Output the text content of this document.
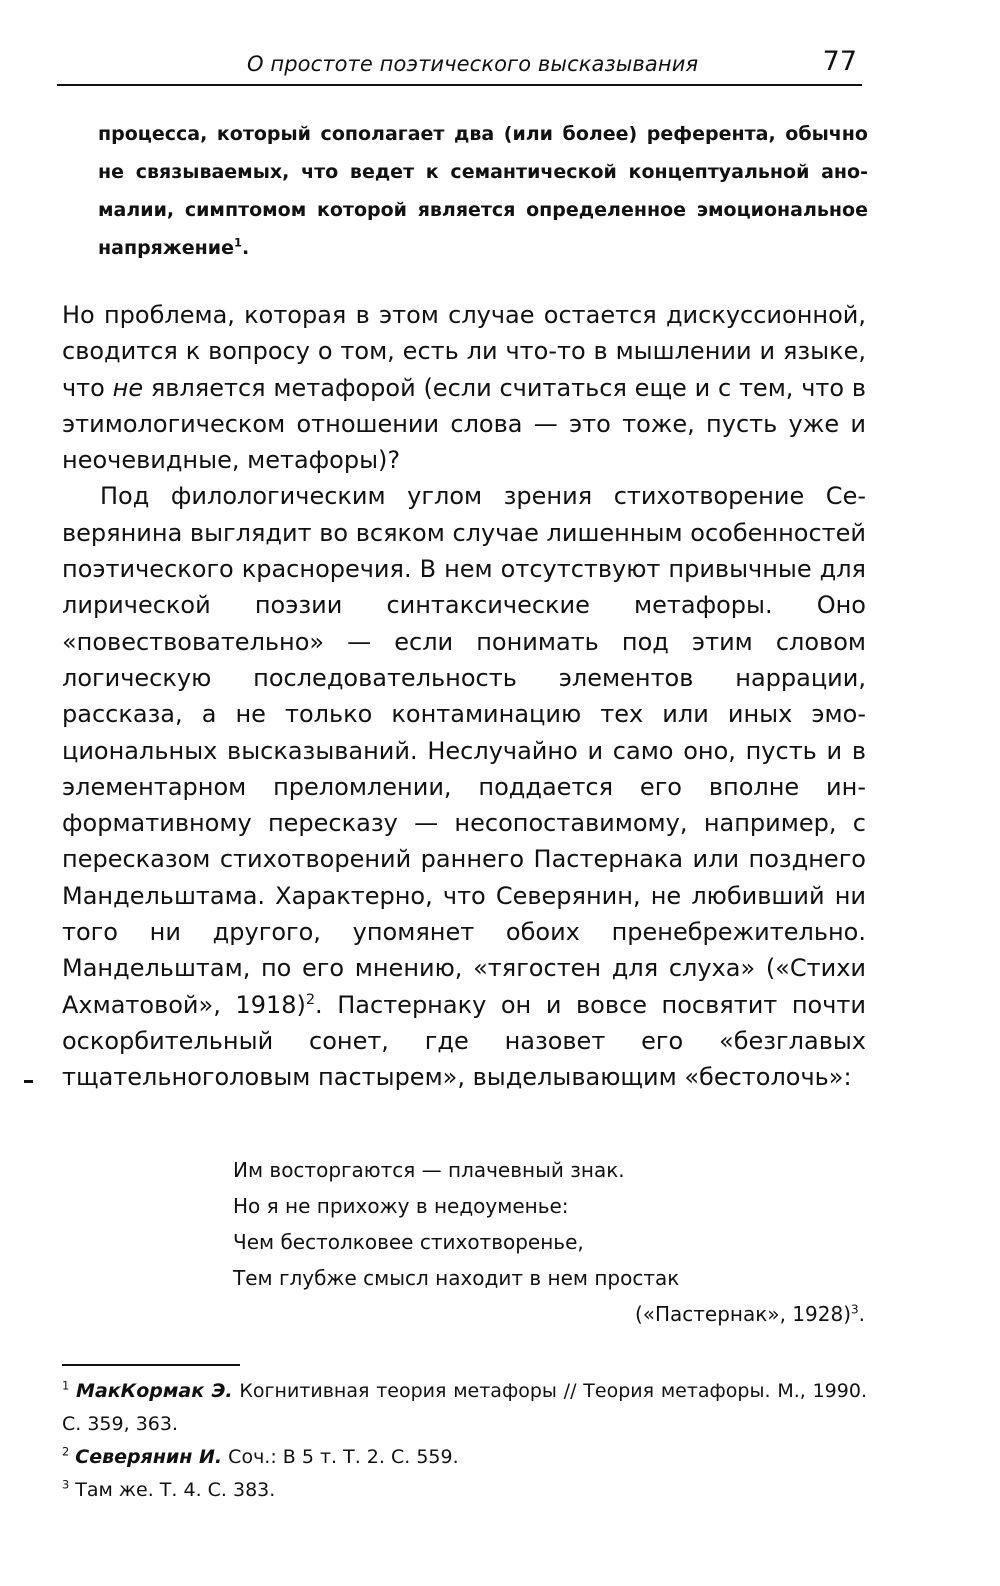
О простоте поэтического высказывания	77
процесса, который сополагает два (или более) референта, обычно не связываемых, что ведет к семантической концептуальной аномалии, симптомом которой является определенное эмоциональное напряжение$^1$.

Но проблема, которая в этом случае остается дискуссионной, сводится к вопросу о том, есть ли что-то в мышлении и языке, что не является метафорой (если считаться еще и с тем, что в этимологическом отношении слова — это тоже, пусть уже и неочевидные, метафоры)?

Под филологическим углом зрения стихотворение Северянина выглядит во всяком случае лишенным особенностей поэтического красноречия. В нем отсутствуют привычные для лирической поэзии синтаксические метафоры. Оно «повествовательно» — если понимать под этим словом логическую последовательность элементов наррации, рассказа, а не только контаминацию тех или иных эмоциональных высказываний. Неслучайно и само оно, пусть и в элементарном преломлении, поддается его вполне информативному пересказу — несопоставимому, например, с пересказом стихотворений раннего Пастернака или позднего Мандельштама. Характерно, что Северянин, не любивший ни того ни другого, упомянет обоих пренебрежительно. Мандельштам, по его мнению, «тягостен для слуха» («Стихи Ахматовой», 1918)$^2$. Пастернаку он и вовсе посвятит почти оскорбительный сонет, где назовет его «безглавых тщательноголовым пастырем», выделывающим «бестолочь»:

Им восторгаются — плачевный знак.
Но я не прихожу в недоуменье:
Чем бестолковее стихотворенье,
Тем глубже смысл находит в нем простак
(«Пастернак», 1928)$^3$.

$^1$ МакКормак Э. Когнитивная теория метафоры // Теория метафоры. М., 1990. С. 359, 363.

$^2$ Северянин И. Соч.: В 5 т. Т. 2. С. 559.

$^3$ Там же. Т. 4. С. 383.
